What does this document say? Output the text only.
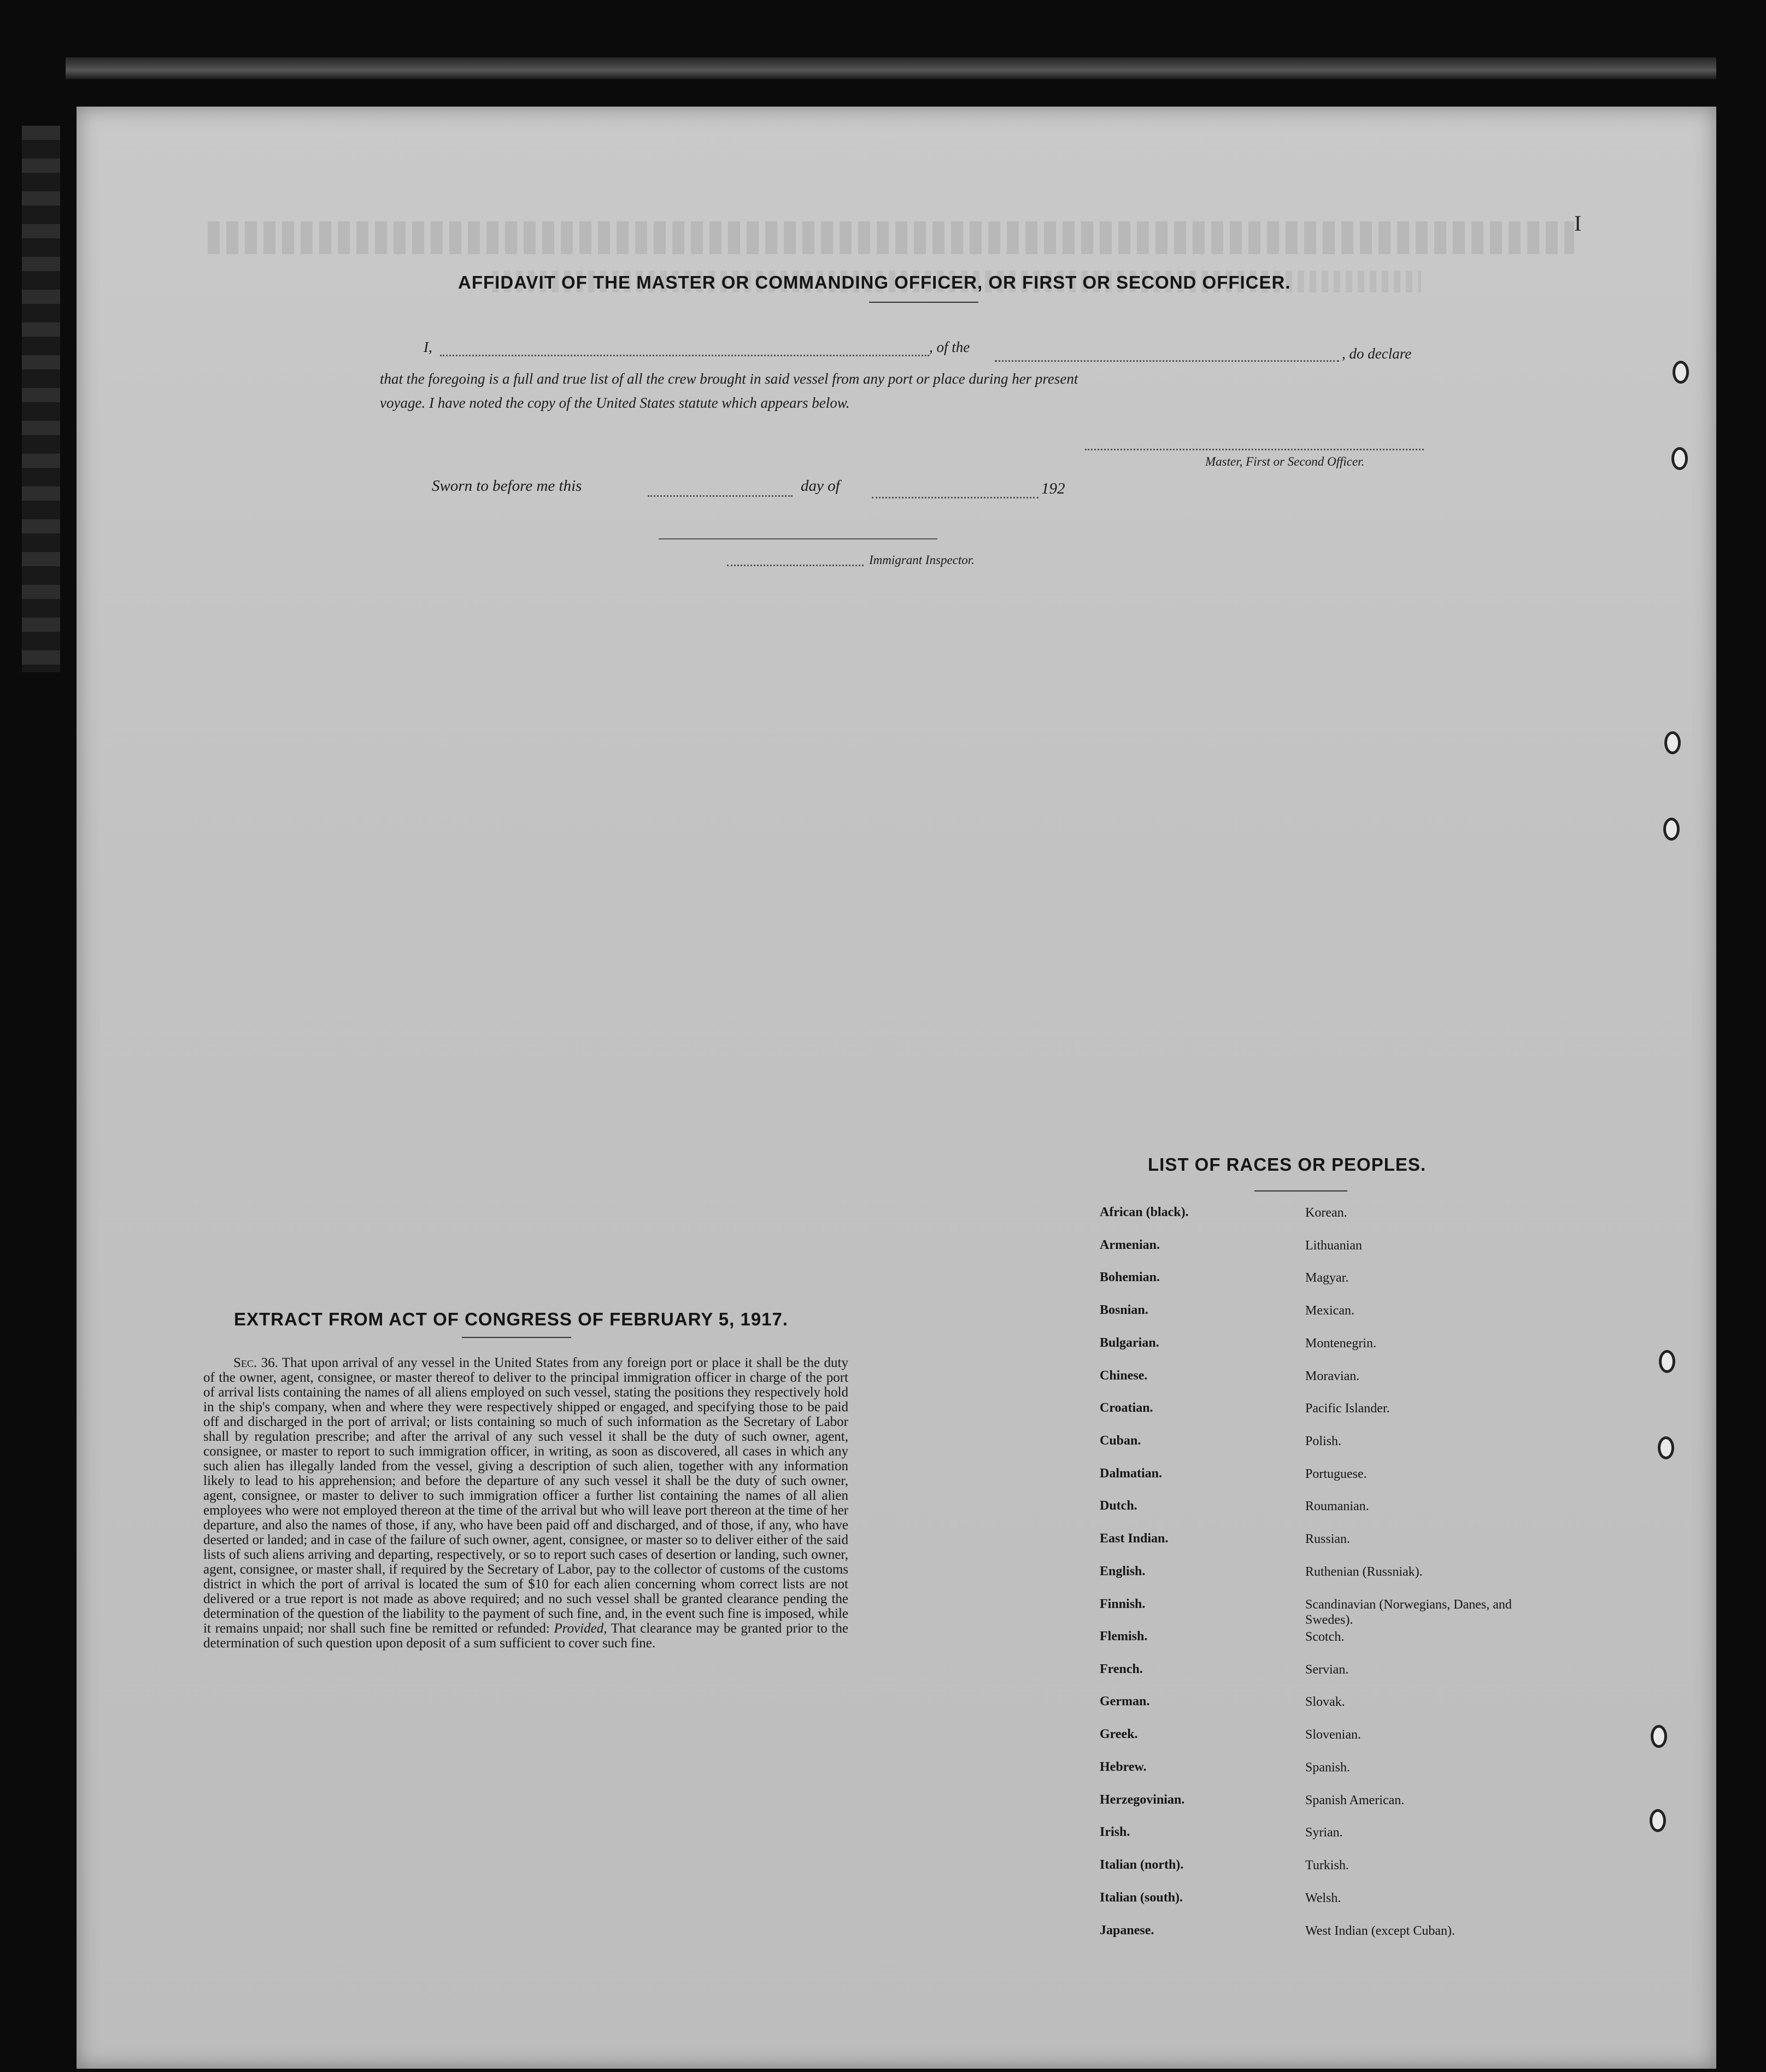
I
AFFIDAVIT OF THE MASTER OR COMMANDING OFFICER, OR FIRST OR SECOND OFFICER.
I,	, of the	, do declare
that the foregoing is a full and true list of all the crew brought in said vessel from any port or place during her present
voyage. I have noted the copy of the United States statute which appears below.
Master, First or Second Officer.
Sworn to before me this	day of	192
Immigrant Inspector.
EXTRACT FROM ACT OF CONGRESS OF FEBRUARY 5, 1917.
Sec. 36. That upon arrival of any vessel in the United States from any foreign port or place it shall be the duty of the owner, agent, consignee, or master thereof to deliver to the principal immigration officer in charge of the port of arrival lists containing the names of all aliens employed on such vessel, stating the positions they respectively hold in the ship's company, when and where they were respectively shipped or engaged, and specifying those to be paid off and discharged in the port of arrival; or lists containing so much of such information as the Secretary of Labor shall by regulation prescribe; and after the arrival of any such vessel it shall be the duty of such owner, agent, consignee, or master to report to such immigration officer, in writing, as soon as discovered, all cases in which any such alien has illegally landed from the vessel, giving a description of such alien, together with any information likely to lead to his apprehension; and before the departure of any such vessel it shall be the duty of such owner, agent, consignee, or master to deliver to such immigration officer a further list containing the names of all alien employees who were not employed thereon at the time of the arrival but who will leave port thereon at the time of her departure, and also the names of those, if any, who have been paid off and discharged, and of those, if any, who have deserted or landed; and in case of the failure of such owner, agent, consignee, or master so to deliver either of the said lists of such aliens arriving and departing, respectively, or so to report such cases of desertion or landing, such owner, agent, consignee, or master shall, if required by the Secretary of Labor, pay to the collector of customs of the customs district in which the port of arrival is located the sum of $10 for each alien concerning whom correct lists are not delivered or a true report is not made as above required; and no such vessel shall be granted clearance pending the determination of the question of the liability to the payment of such fine, and, in the event such fine is imposed, while it remains unpaid; nor shall such fine be remitted or refunded: Provided, That clearance may be granted prior to the determination of such question upon deposit of a sum sufficient to cover such fine.
LIST OF RACES OR PEOPLES.
African (black).	Korean.
Armenian.	Lithuanian
Bohemian.	Magyar.
Bosnian.	Mexican.
Bulgarian.	Montenegrin.
Chinese.	Moravian.
Croatian.	Pacific Islander.
Cuban.	Polish.
Dalmatian.	Portuguese.
Dutch.	Roumanian.
East Indian.	Russian.
English.	Ruthenian (Russniak).
Finnish.	Scandinavian (Norwegians, Danes, and Swedes).
Flemish.	Scotch.
French.	Servian.
German.	Slovak.
Greek.	Slovenian.
Hebrew.	Spanish.
Herzegovinian.	Spanish American.
Irish.	Syrian.
Italian (north).	Turkish.
Italian (south).	Welsh.
Japanese.	West Indian (except Cuban).
